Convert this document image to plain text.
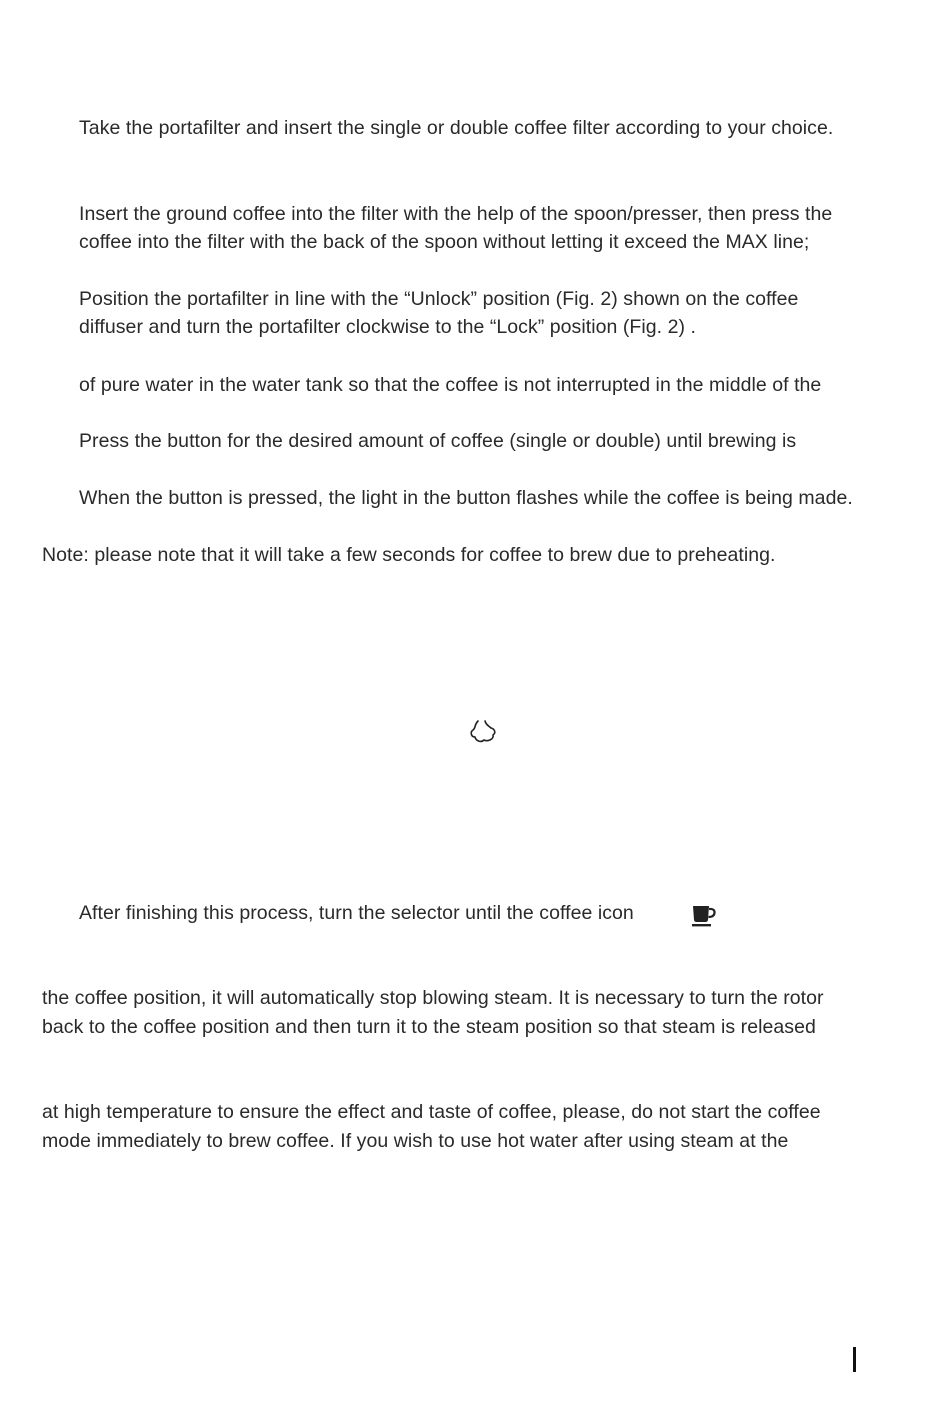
Take the portafilter and insert the single or double coffee filter according to your choice.
Insert the ground coffee into the filter with the help of the spoon/presser, then press the
coffee into the filter with the back of the spoon without letting it exceed the MAX line;
Position the portafilter in line with the “Unlock” position (Fig. 2) shown on the coffee
diffuser and turn the portafilter clockwise to the “Lock” position (Fig. 2) .
of pure water in the water tank so that the coffee is not interrupted in the middle of the
Press the button for the desired amount of coffee (single or double) until brewing is
When the button is pressed, the light in the button flashes while the coffee is being made.
Note: please note that it will take a few seconds for coffee to brew due to preheating.
After finishing this process, turn the selector until the coffee icon
the coffee position, it will automatically stop blowing steam. It is necessary to turn the rotor
back to the coffee position and then turn it to the steam position so that steam is released
at high temperature to ensure the effect and taste of coffee, please, do not start the coffee
mode immediately to brew coffee. If you wish to use hot water after using steam at the
